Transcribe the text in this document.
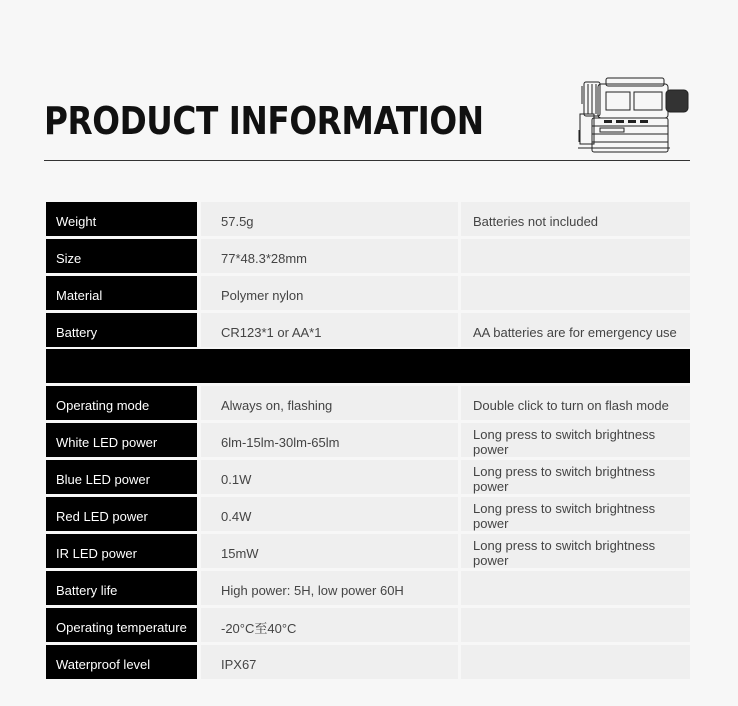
PRODUCT INFORMATION
Weight	57.5g	Batteries not included
Size	77*48.3*28mm
Material	Polymer nylon
Battery	CR123*1 or AA*1	AA batteries are for emergency use
Operating mode	Always on, flashing	Double click to turn on flash mode
White LED power	6lm-15lm-30lm-65lm	Long press to switch brightness power
Blue LED power	0.1W	Long press to switch brightness power
Red LED power	0.4W	Long press to switch brightness power
IR LED power	15mW	Long press to switch brightness power
Battery life	High power: 5H, low power 60H
Operating temperature	-20°C至40°C
Waterproof level	IPX67
